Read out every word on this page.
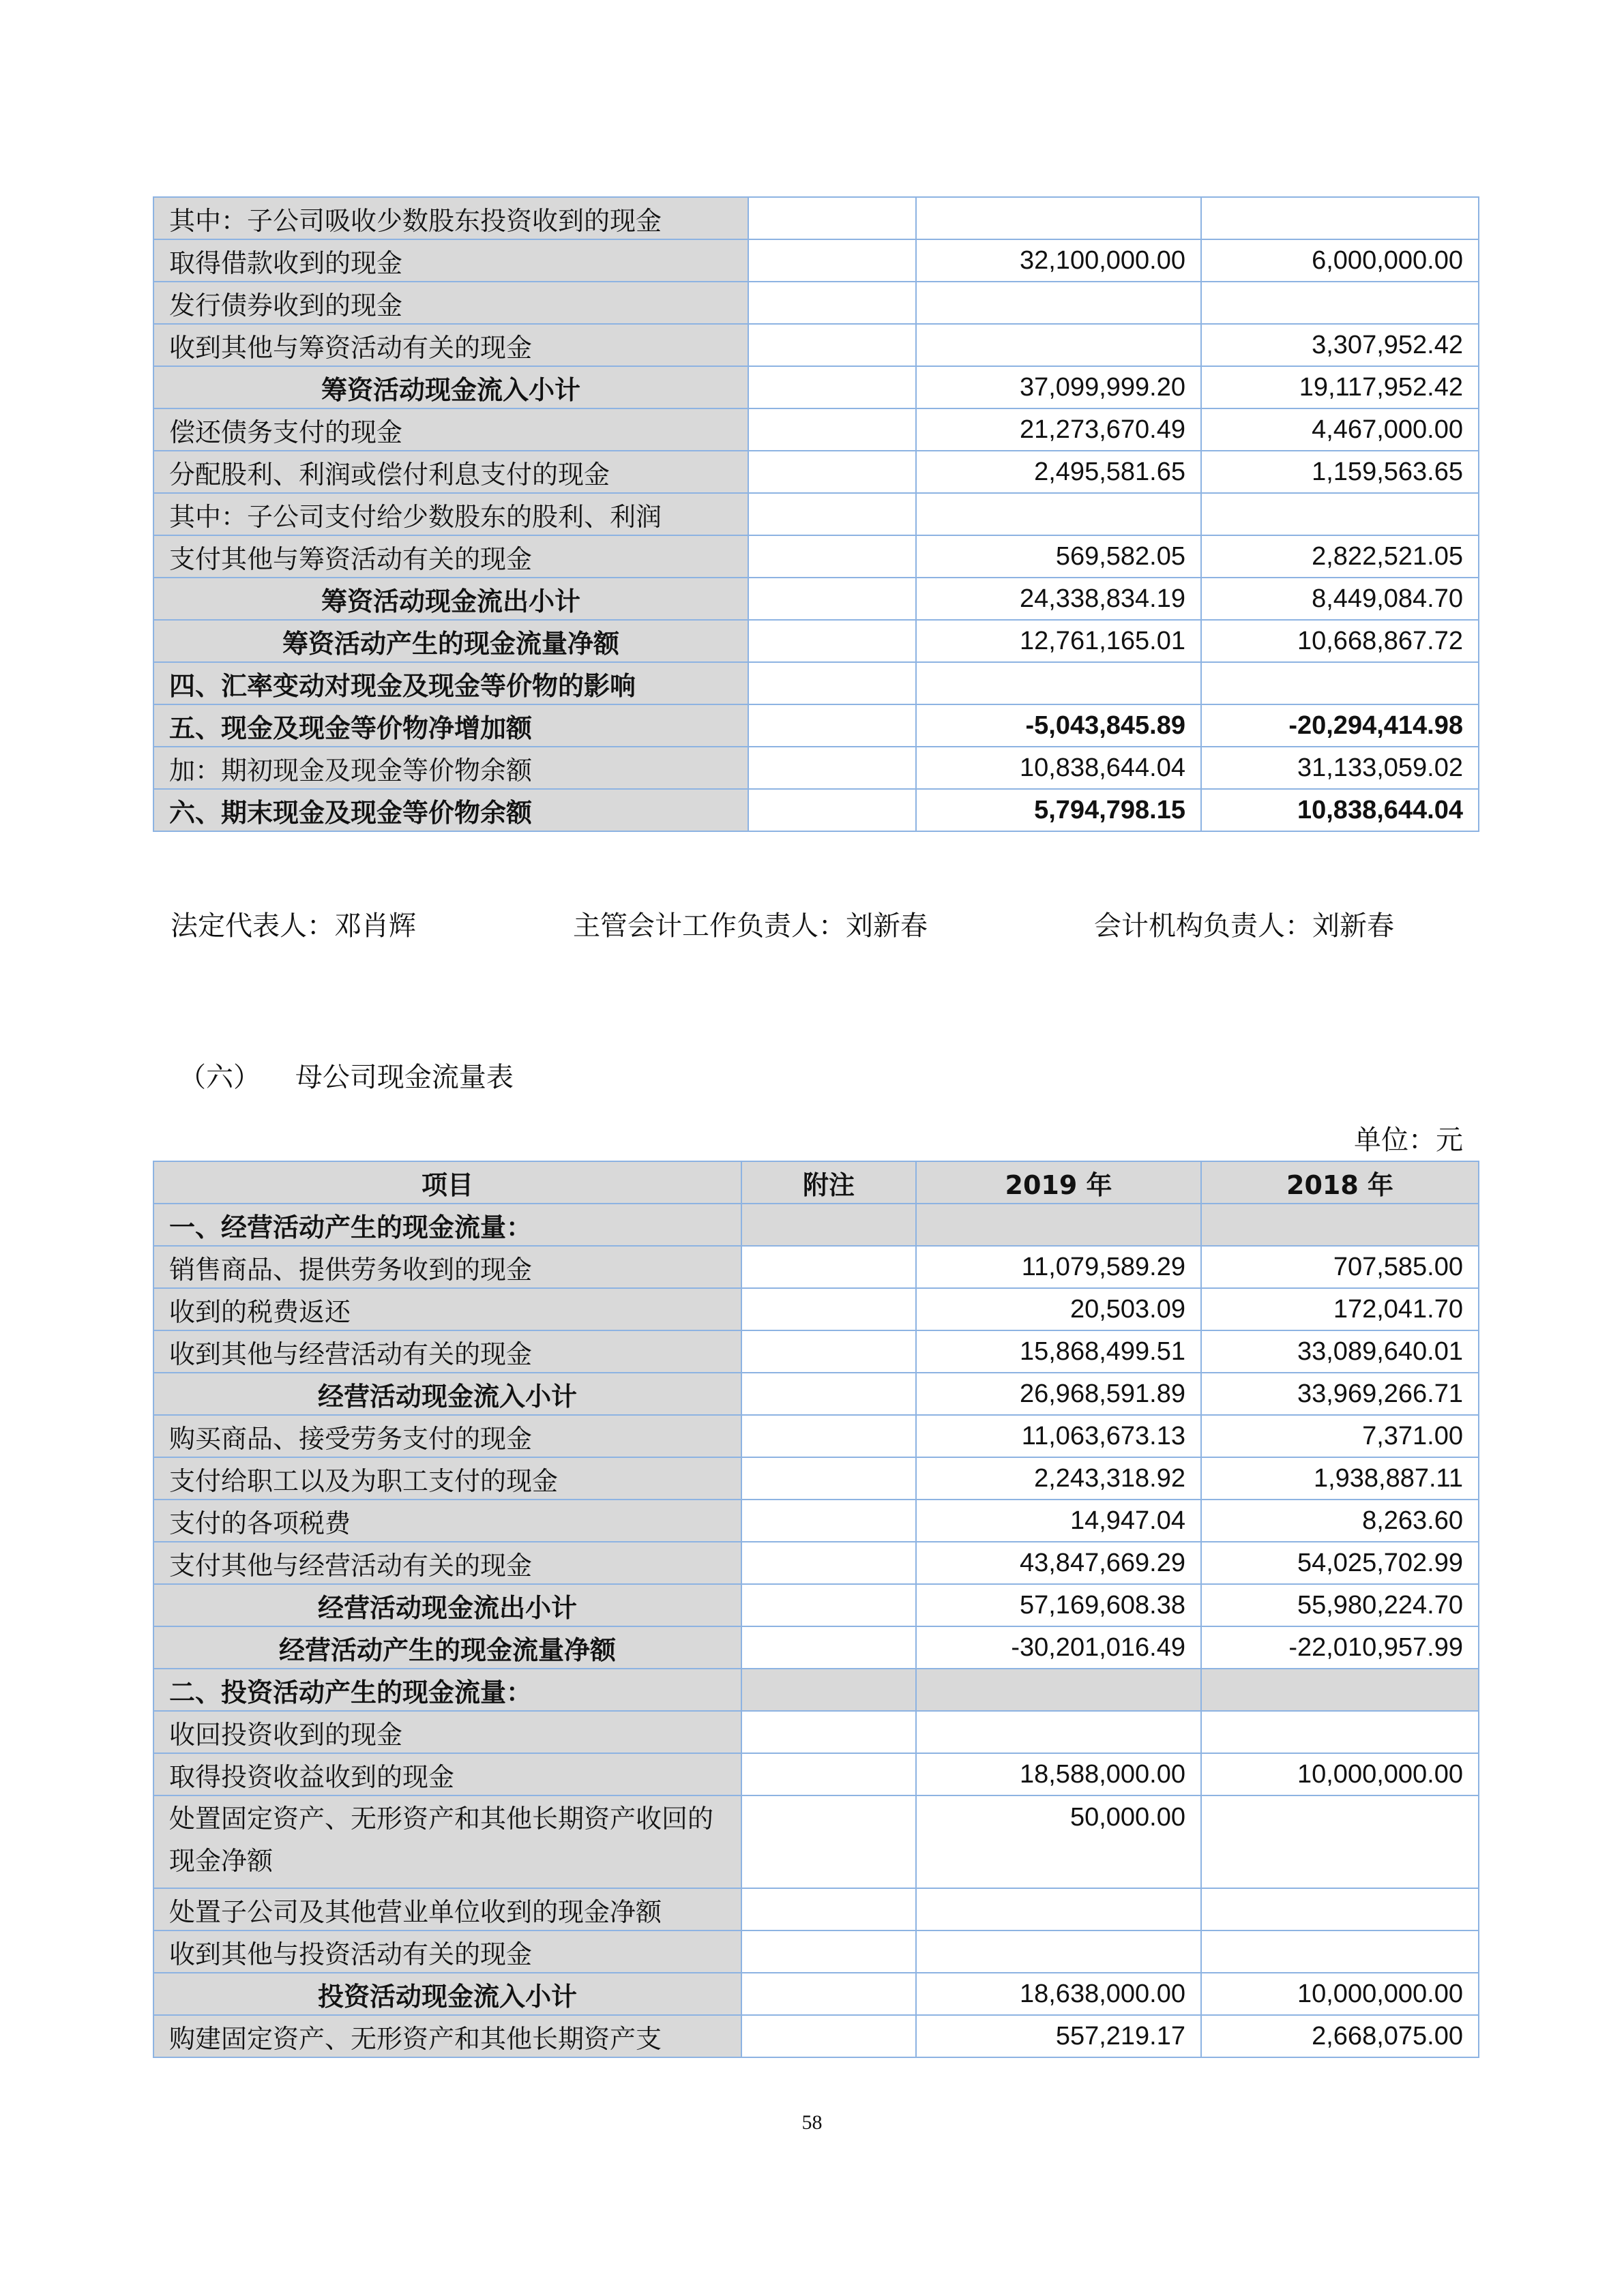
其中：子公司吸收少数股东投资收到的现金			
取得借款收到的现金		32,100,000.00	6,000,000.00
发行债券收到的现金			
收到其他与筹资活动有关的现金			3,307,952.42
筹资活动现金流入小计		37,099,999.20	19,117,952.42
偿还债务支付的现金		21,273,670.49	4,467,000.00
分配股利、利润或偿付利息支付的现金		2,495,581.65	1,159,563.65
其中：子公司支付给少数股东的股利、利润			
支付其他与筹资活动有关的现金		569,582.05	2,822,521.05
筹资活动现金流出小计		24,338,834.19	8,449,084.70
筹资活动产生的现金流量净额		12,761,165.01	10,668,867.72
四、汇率变动对现金及现金等价物的影响			
五、现金及现金等价物净增加额		-5,043,845.89	-20,294,414.98
加：期初现金及现金等价物余额		10,838,644.04	31,133,059.02
六、期末现金及现金等价物余额		5,794,798.15	10,838,644.04
法定代表人：邓肖辉	主管会计工作负责人：刘新春	会计机构负责人：刘新春
（六）    母公司现金流量表
单位：元
项目	附注	2019 年	2018 年
一、经营活动产生的现金流量：			
销售商品、提供劳务收到的现金		11,079,589.29	707,585.00
收到的税费返还		20,503.09	172,041.70
收到其他与经营活动有关的现金		15,868,499.51	33,089,640.01
经营活动现金流入小计		26,968,591.89	33,969,266.71
购买商品、接受劳务支付的现金		11,063,673.13	7,371.00
支付给职工以及为职工支付的现金		2,243,318.92	1,938,887.11
支付的各项税费		14,947.04	8,263.60
支付其他与经营活动有关的现金		43,847,669.29	54,025,702.99
经营活动现金流出小计		57,169,608.38	55,980,224.70
经营活动产生的现金流量净额		-30,201,016.49	-22,010,957.99
二、投资活动产生的现金流量：			
收回投资收到的现金			
取得投资收益收到的现金		18,588,000.00	10,000,000.00
处置固定资产、无形资产和其他长期资产收回的现金净额		50,000.00	
处置子公司及其他营业单位收到的现金净额			
收到其他与投资活动有关的现金			
投资活动现金流入小计		18,638,000.00	10,000,000.00
购建固定资产、无形资产和其他长期资产支		557,219.17	2,668,075.00
58
